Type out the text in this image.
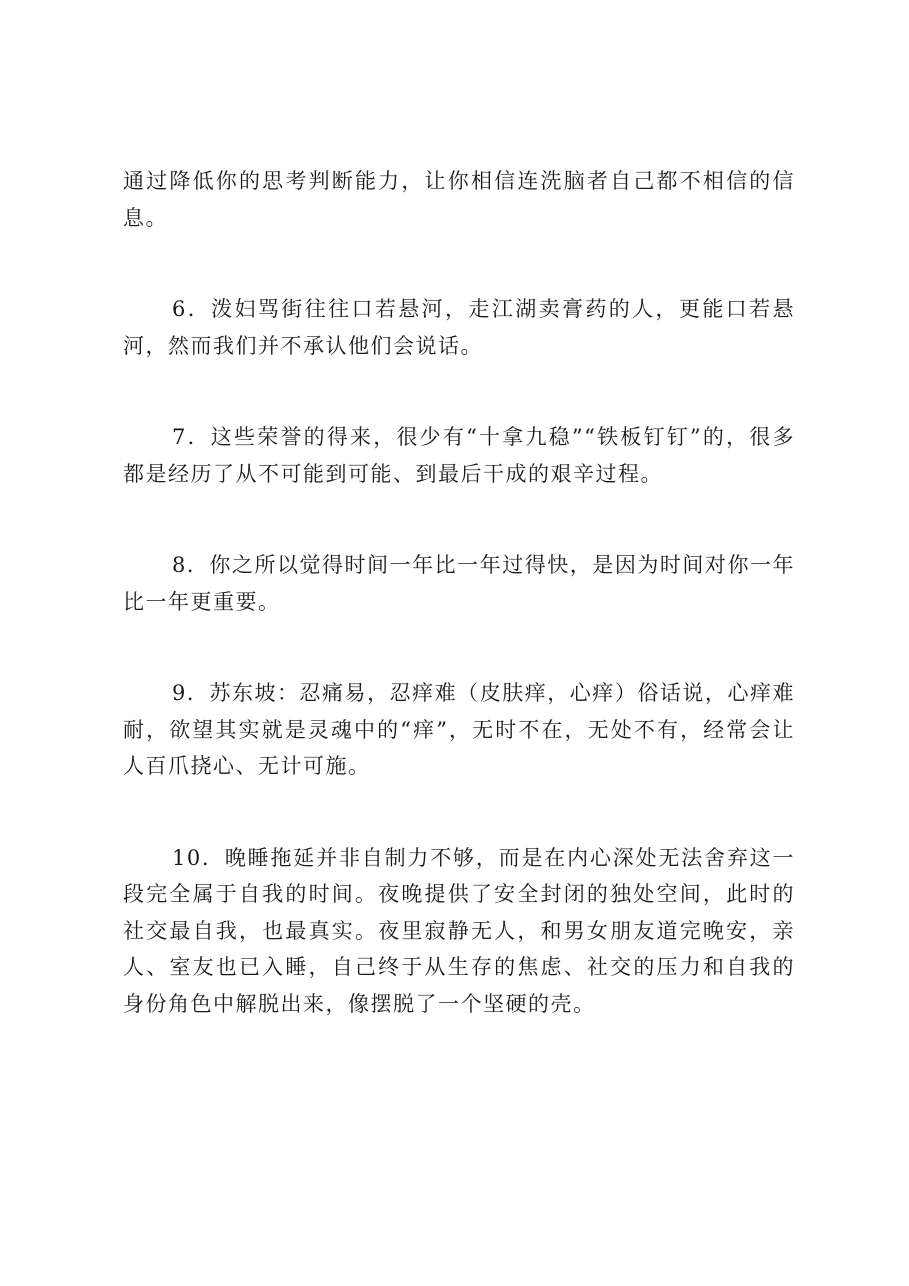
通过降低你的思考判断能力，让你相信连洗脑者自己都不相信的信息。

6．泼妇骂街往往口若悬河，走江湖卖膏药的人，更能口若悬河，然而我们并不承认他们会说话。

7．这些荣誉的得来，很少有“十拿九稳”“铁板钉钉”的，很多都是经历了从不可能到可能、到最后干成的艰辛过程。

8．你之所以觉得时间一年比一年过得快，是因为时间对你一年比一年更重要。

9．苏东坡：忍痛易，忍痒难（皮肤痒，心痒）俗话说，心痒难耐，欲望其实就是灵魂中的“痒”，无时不在，无处不有，经常会让人百爪挠心、无计可施。

10．晚睡拖延并非自制力不够，而是在内心深处无法舍弃这一段完全属于自我的时间。夜晚提供了安全封闭的独处空间，此时的社交最自我，也最真实。夜里寂静无人，和男女朋友道完晚安，亲人、室友也已入睡，自己终于从生存的焦虑、社交的压力和自我的身份角色中解脱出来，像摆脱了一个坚硬的壳。
